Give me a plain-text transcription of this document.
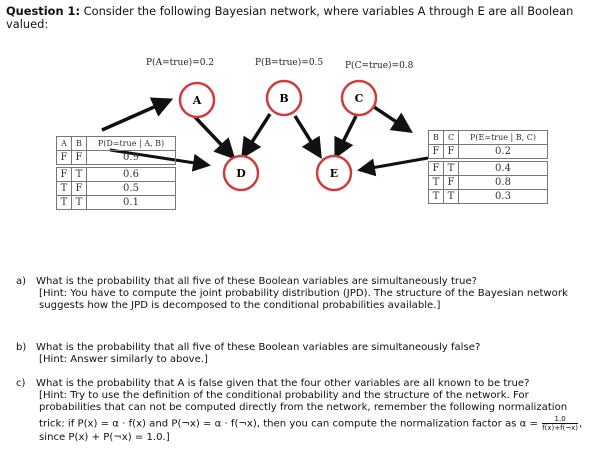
Question 1: Consider the following Bayesian network, where variables A through E are all Boolean valued:
P(A=true)=0.2	P(B=true)=0.5 P(C=true)=0.8
A	B	C
D	E
A	B	P(D=true | A, B)
F	F	0.9

F	T	0.6
T	F	0.5
T	T	0.1
B	C	P(E=true | B, C)
F	F	0.2

F	T	0.4
T	F	0.8
T	T	0.3
a) What is the probability that all five of these Boolean variables are simultaneously true?
[Hint: You have to compute the joint probability distribution (JPD). The structure of the Bayesian network suggests how the JPD is decomposed to the conditional probabilities available.]
b) What is the probability that all five of these Boolean variables are simultaneously false?
[Hint: Answer similarly to above.]
c) What is the probability that A is false given that the four other variables are all known to be true?
[Hint: Try to use the definition of the conditional probability and the structure of the network. For probabilities that can not be computed directly from the network, remember the following normalization trick: if P(x) = α · f(x) and P(¬x) = α · f(¬x), then you can compute the normalization factor as $\alpha = \frac{1.0}{f(x)+f(\neg x)}$ , since P(x) + P(¬x) = 1.0.]
